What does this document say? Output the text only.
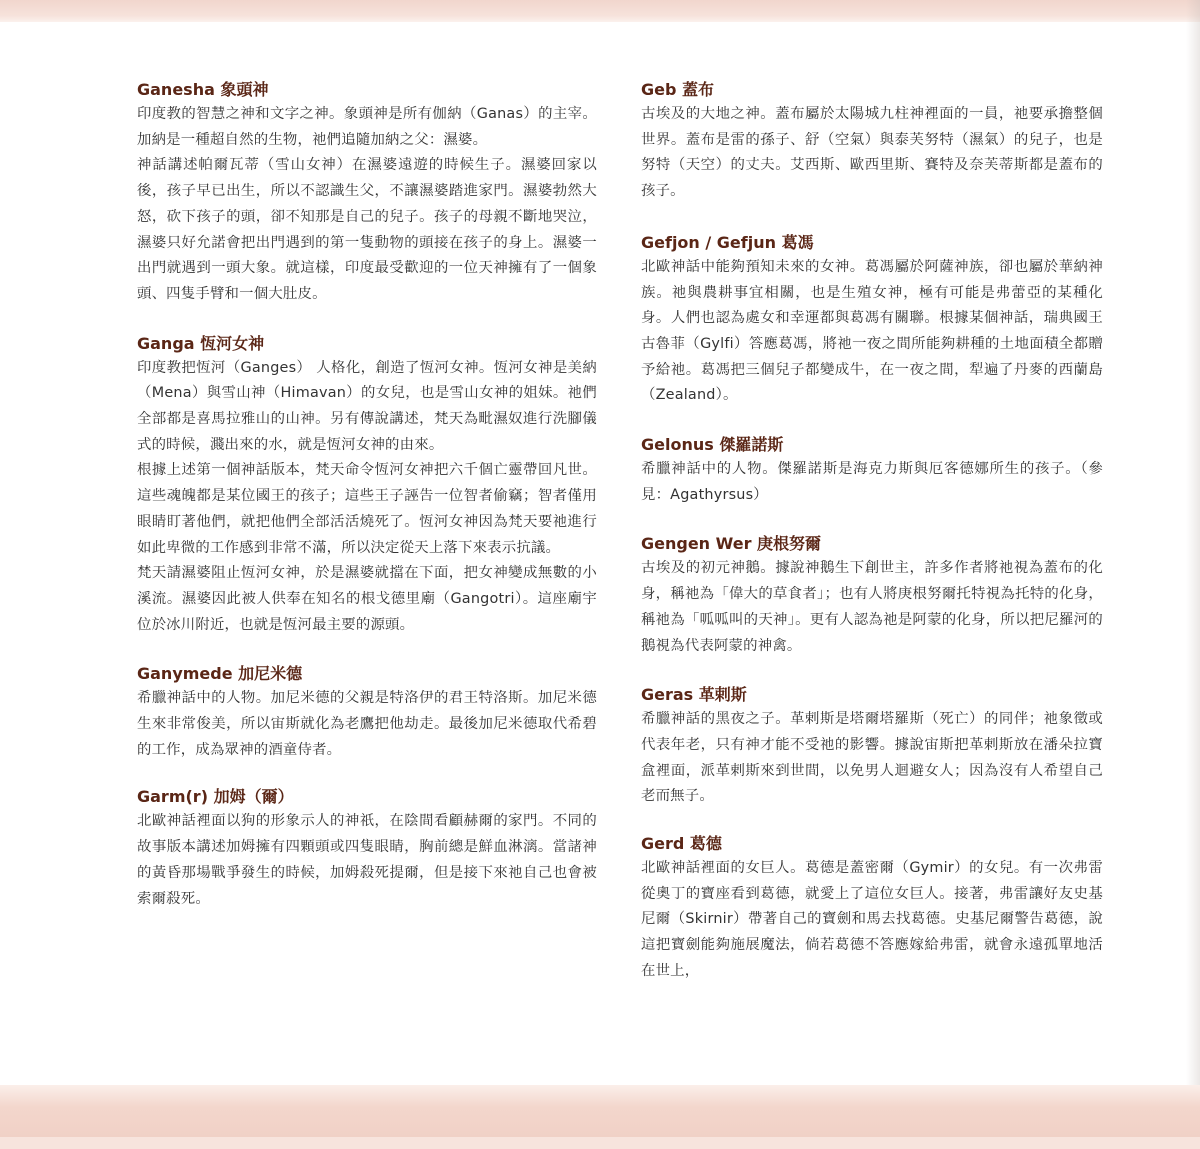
Ganesha 象頭神
印度教的智慧之神和文字之神。象頭神是所有伽納（Ganas）的主宰。加納是一種超自然的生物，祂們追隨加納之父：濕婆。
神話講述帕爾瓦蒂（雪山女神）在濕婆遠遊的時候生子。濕婆回家以後，孩子早已出生，所以不認識生父，不讓濕婆踏進家門。濕婆勃然大怒，砍下孩子的頭，卻不知那是自己的兒子。孩子的母親不斷地哭泣，濕婆只好允諾會把出門遇到的第一隻動物的頭接在孩子的身上。濕婆一出門就遇到一頭大象。就這樣，印度最受歡迎的一位天神擁有了一個象頭、四隻手臂和一個大肚皮。
Ganga 恆河女神
印度教把恆河（Ganges） 人格化，創造了恆河女神。恆河女神是美納（Mena）與雪山神（Himavan）的女兒，也是雪山女神的姐妹。祂們全部都是喜馬拉雅山的山神。另有傳說講述，梵天為毗濕奴進行洗腳儀式的時候，濺出來的水，就是恆河女神的由來。
根據上述第一個神話版本，梵天命令恆河女神把六千個亡靈帶回凡世。這些魂魄都是某位國王的孩子；這些王子誣告一位智者偷竊；智者僅用眼睛盯著他們，就把他們全部活活燒死了。恆河女神因為梵天要祂進行如此卑微的工作感到非常不滿，所以決定從天上落下來表示抗議。
梵天請濕婆阻止恆河女神，於是濕婆就擋在下面，把女神變成無數的小溪流。濕婆因此被人供奉在知名的根戈德里廟（Gangotri）。這座廟宇位於冰川附近，也就是恆河最主要的源頭。
Ganymede 加尼米德
希臘神話中的人物。加尼米德的父親是特洛伊的君王特洛斯。加尼米德生來非常俊美，所以宙斯就化為老鷹把他劫走。最後加尼米德取代希碧的工作，成為眾神的酒童侍者。
Garm(r) 加姆（爾）
北歐神話裡面以狗的形象示人的神祇，在陰間看顧赫爾的家門。不同的故事版本講述加姆擁有四顆頭或四隻眼睛，胸前總是鮮血淋漓。當諸神的黃昏那場戰爭發生的時候，加姆殺死提爾，但是接下來祂自己也會被索爾殺死。
Geb 蓋布
古埃及的大地之神。蓋布屬於太陽城九柱神裡面的一員，祂要承擔整個世界。蓋布是雷的孫子、舒（空氣）與泰芙努特（濕氣）的兒子，也是努特（天空）的丈夫。艾西斯、歐西里斯、賽特及奈芙蒂斯都是蓋布的孩子。
Gefjon / Gefjun 葛馮
北歐神話中能夠預知未來的女神。葛馮屬於阿薩神族，卻也屬於華納神族。祂與農耕事宜相關，也是生殖女神，極有可能是弗蕾亞的某種化身。人們也認為處女和幸運都與葛馮有關聯。根據某個神話，瑞典國王古魯菲（Gylfi）答應葛馮，將祂一夜之間所能夠耕種的土地面積全都贈予給祂。葛馮把三個兒子都變成牛，在一夜之間，犁遍了丹麥的西蘭島（Zealand）。
Gelonus 傑羅諾斯
希臘神話中的人物。傑羅諾斯是海克力斯與厄客德娜所生的孩子。（參見：Agathyrsus）
Gengen Wer 庚根努爾
古埃及的初元神鵝。據說神鵝生下創世主，許多作者將祂視為蓋布的化身，稱祂為「偉大的草食者」；也有人將庚根努爾托特視為托特的化身，稱祂為「呱呱叫的天神」。更有人認為祂是阿蒙的化身，所以把尼羅河的鵝視為代表阿蒙的神禽。
Geras 革剌斯
希臘神話的黑夜之子。革剌斯是塔爾塔羅斯（死亡）的同伴；祂象徵或代表年老，只有神才能不受祂的影響。據說宙斯把革剌斯放在潘朵拉寶盒裡面，派革剌斯來到世間，以免男人迴避女人；因為沒有人希望自己老而無子。
Gerd 葛德
北歐神話裡面的女巨人。葛德是蓋密爾（Gymir）的女兒。有一次弗雷從奧丁的寶座看到葛德，就愛上了這位女巨人。接著，弗雷讓好友史基尼爾（Skirnir）帶著自己的寶劍和馬去找葛德。史基尼爾警告葛德，說這把寶劍能夠施展魔法，倘若葛德不答應嫁給弗雷，就會永遠孤單地活在世上，
